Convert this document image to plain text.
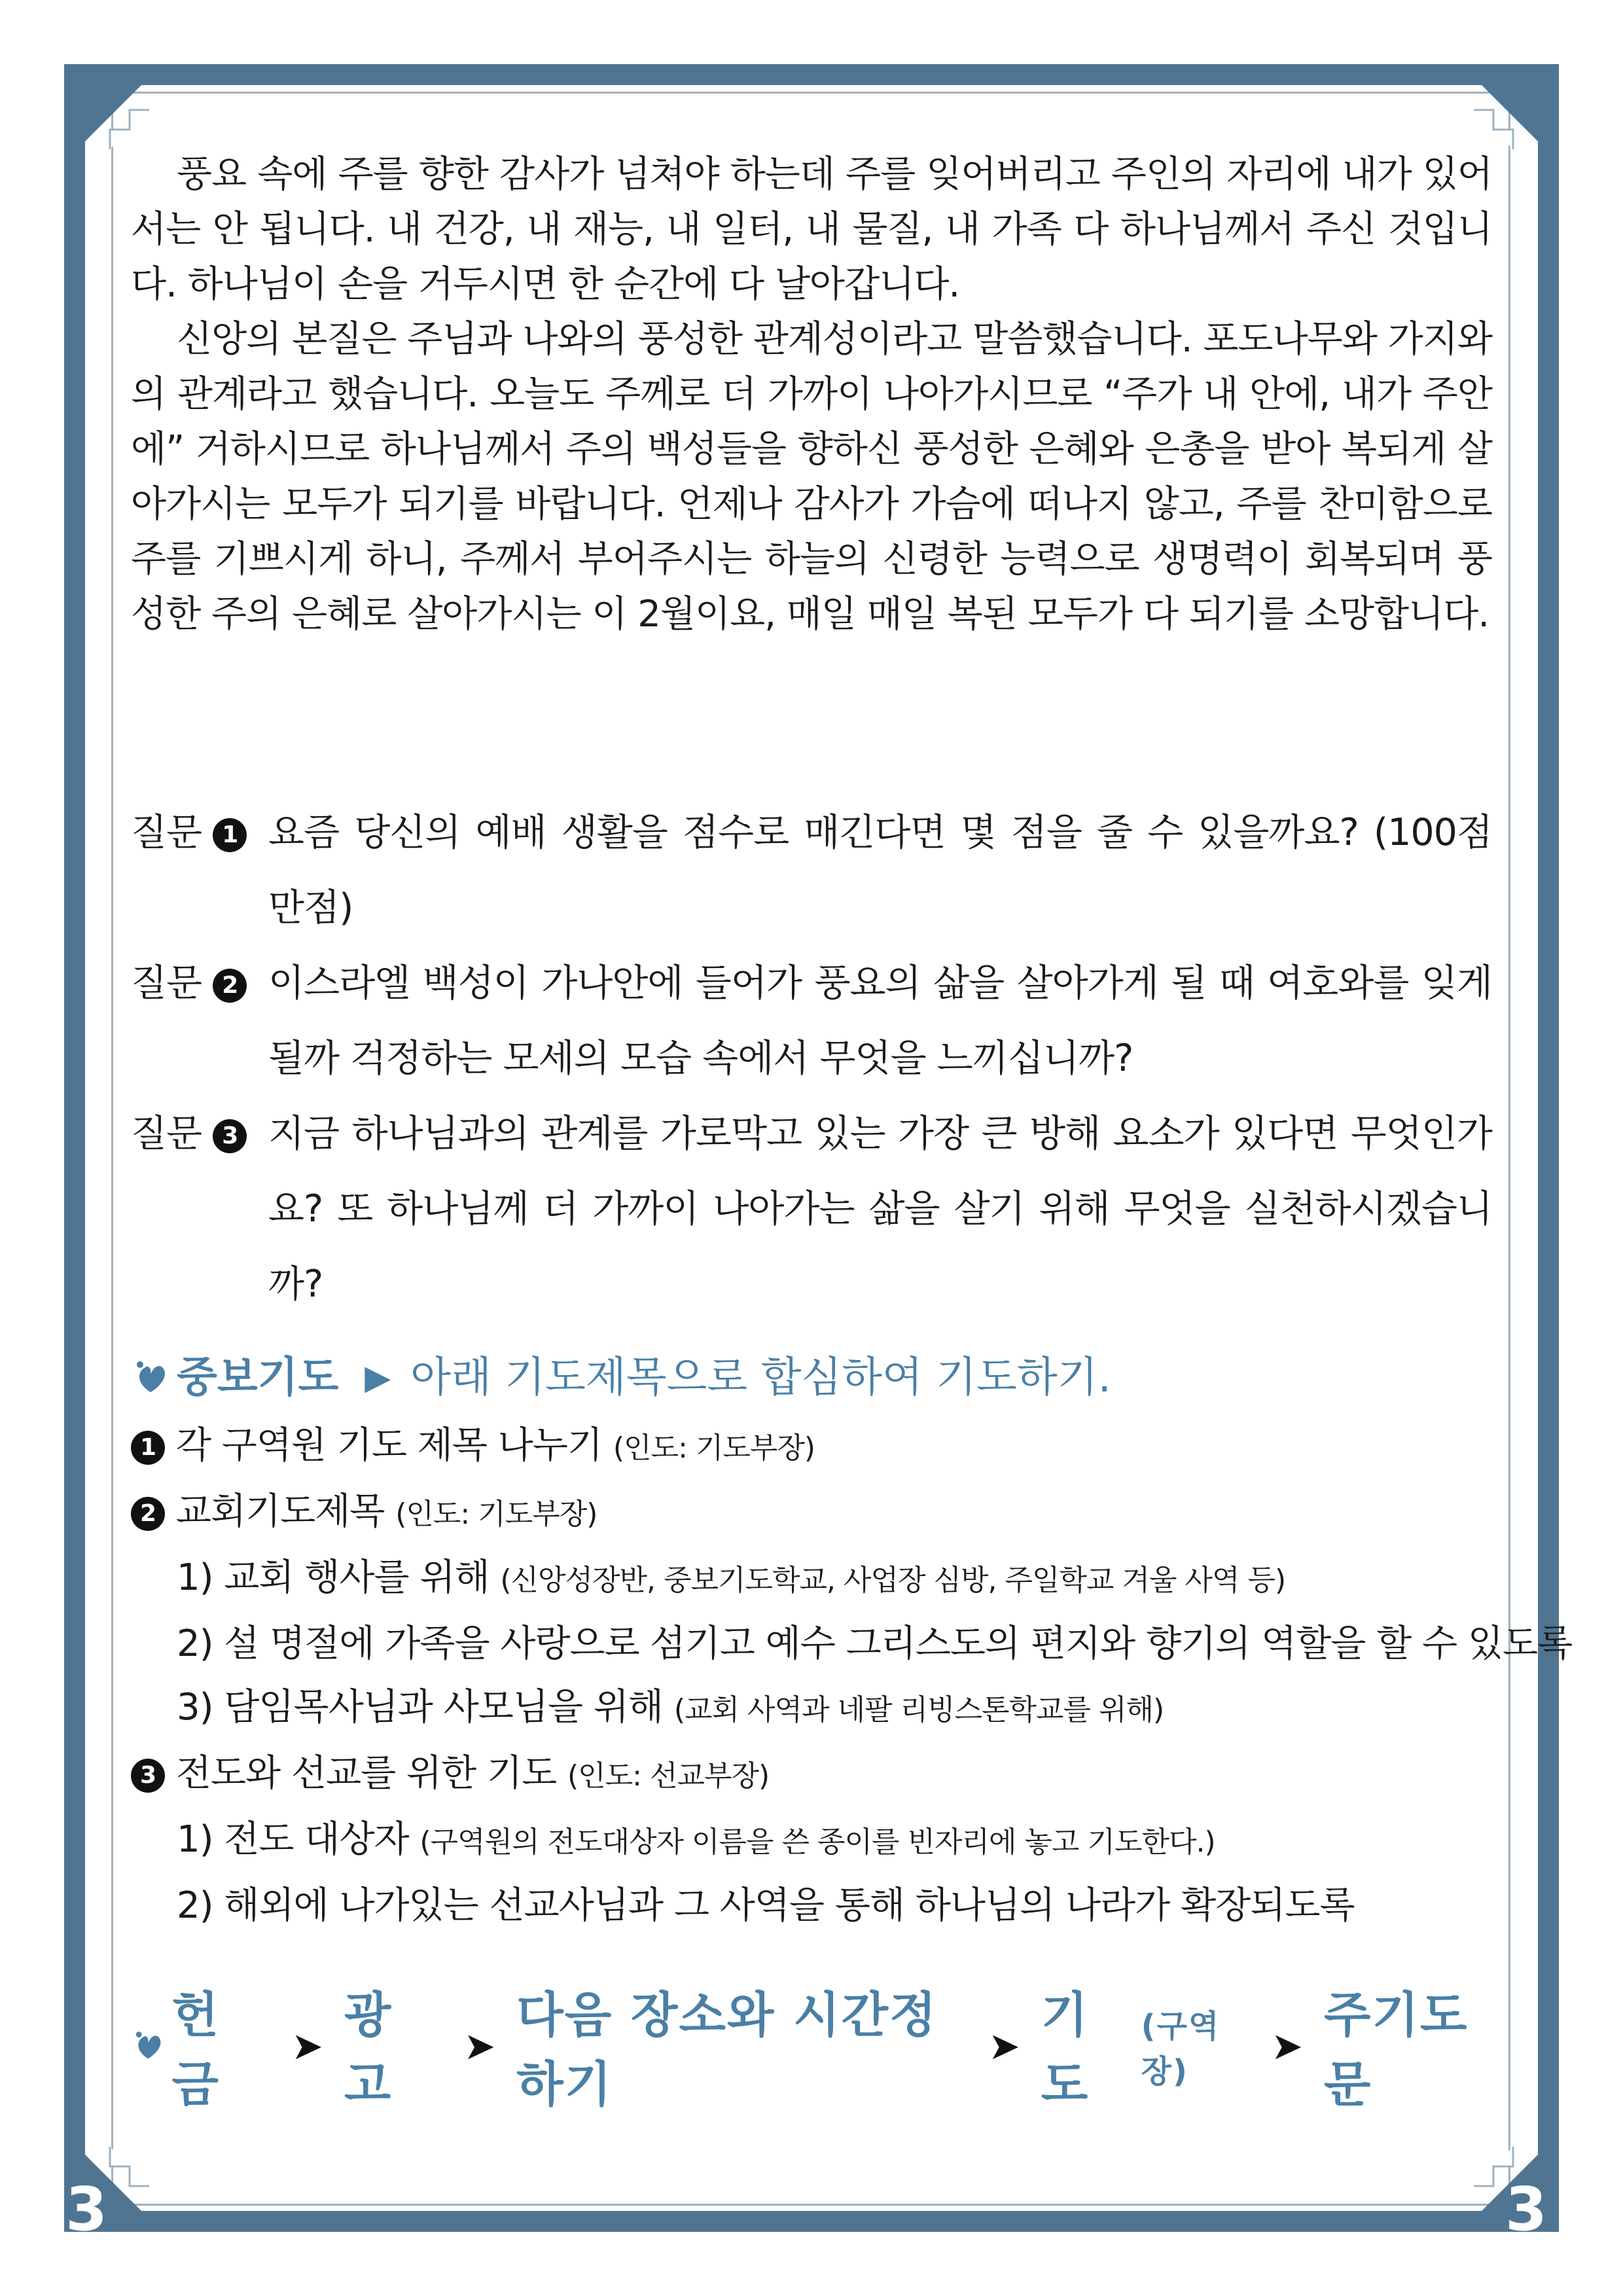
3	3

풍요 속에 주를 향한 감사가 넘쳐야 하는데 주를 잊어버리고 주인의 자리에 내가 있어서는 안 됩니다. 내 건강, 내 재능, 내 일터, 내 물질, 내 가족 다 하나님께서 주신 것입니다. 하나님이 손을 거두시면 한 순간에 다 날아갑니다.

신앙의 본질은 주님과 나와의 풍성한 관계성이라고 말씀했습니다. 포도나무와 가지와의 관계라고 했습니다. 오늘도 주께로 더 가까이 나아가시므로 “주가 내 안에, 내가 주안에” 거하시므로 하나님께서 주의 백성들을 향하신 풍성한 은혜와 은총을 받아 복되게 살아가시는 모두가 되기를 바랍니다. 언제나 감사가 가슴에 떠나지 않고, 주를 찬미함으로 주를 기쁘시게 하니, 주께서 부어주시는 하늘의 신령한 능력으로 생명력이 회복되며 풍성한 주의 은혜로 살아가시는 이 2월이요, 매일 매일 복된 모두가 다 되기를 소망합니다.

질문 1 요즘 당신의 예배 생활을 점수로 매긴다면 몇 점을 줄 수 있을까요? (100점 만점)
질문 2 이스라엘 백성이 가나안에 들어가 풍요의 삶을 살아가게 될 때 여호와를 잊게 될까 걱정하는 모세의 모습 속에서 무엇을 느끼십니까?
질문 3 지금 하나님과의 관계를 가로막고 있는 가장 큰 방해 요소가 있다면 무엇인가요? 또 하나님께 더 가까이 나아가는 삶을 살기 위해 무엇을 실천하시겠습니까?
중보기도 ▶ 아래 기도제목으로 합심하여 기도하기.
1 각 구역원 기도 제목 나누기 (인도: 기도부장)
2 교회기도제목 (인도: 기도부장)
1) 교회 행사를 위해 (신앙성장반, 중보기도학교, 사업장 심방, 주일학교 겨울 사역 등)
2) 설 명절에 가족을 사랑으로 섬기고 예수 그리스도의 편지와 향기의 역할을 할 수 있도록
3) 담임목사님과 사모님을 위해 (교회 사역과 네팔 리빙스톤학교를 위해)
3 전도와 선교를 위한 기도 (인도: 선교부장)
1) 전도 대상자 (구역원의 전도대상자 이름을 쓴 종이를 빈자리에 놓고 기도한다.)
2) 해외에 나가있는 선교사님과 그 사역을 통해 하나님의 나라가 확장되도록
헌 금
➤
광 고
➤
다음 장소와 시간정하기
➤
기 도
(구역장)
➤
주기도문
